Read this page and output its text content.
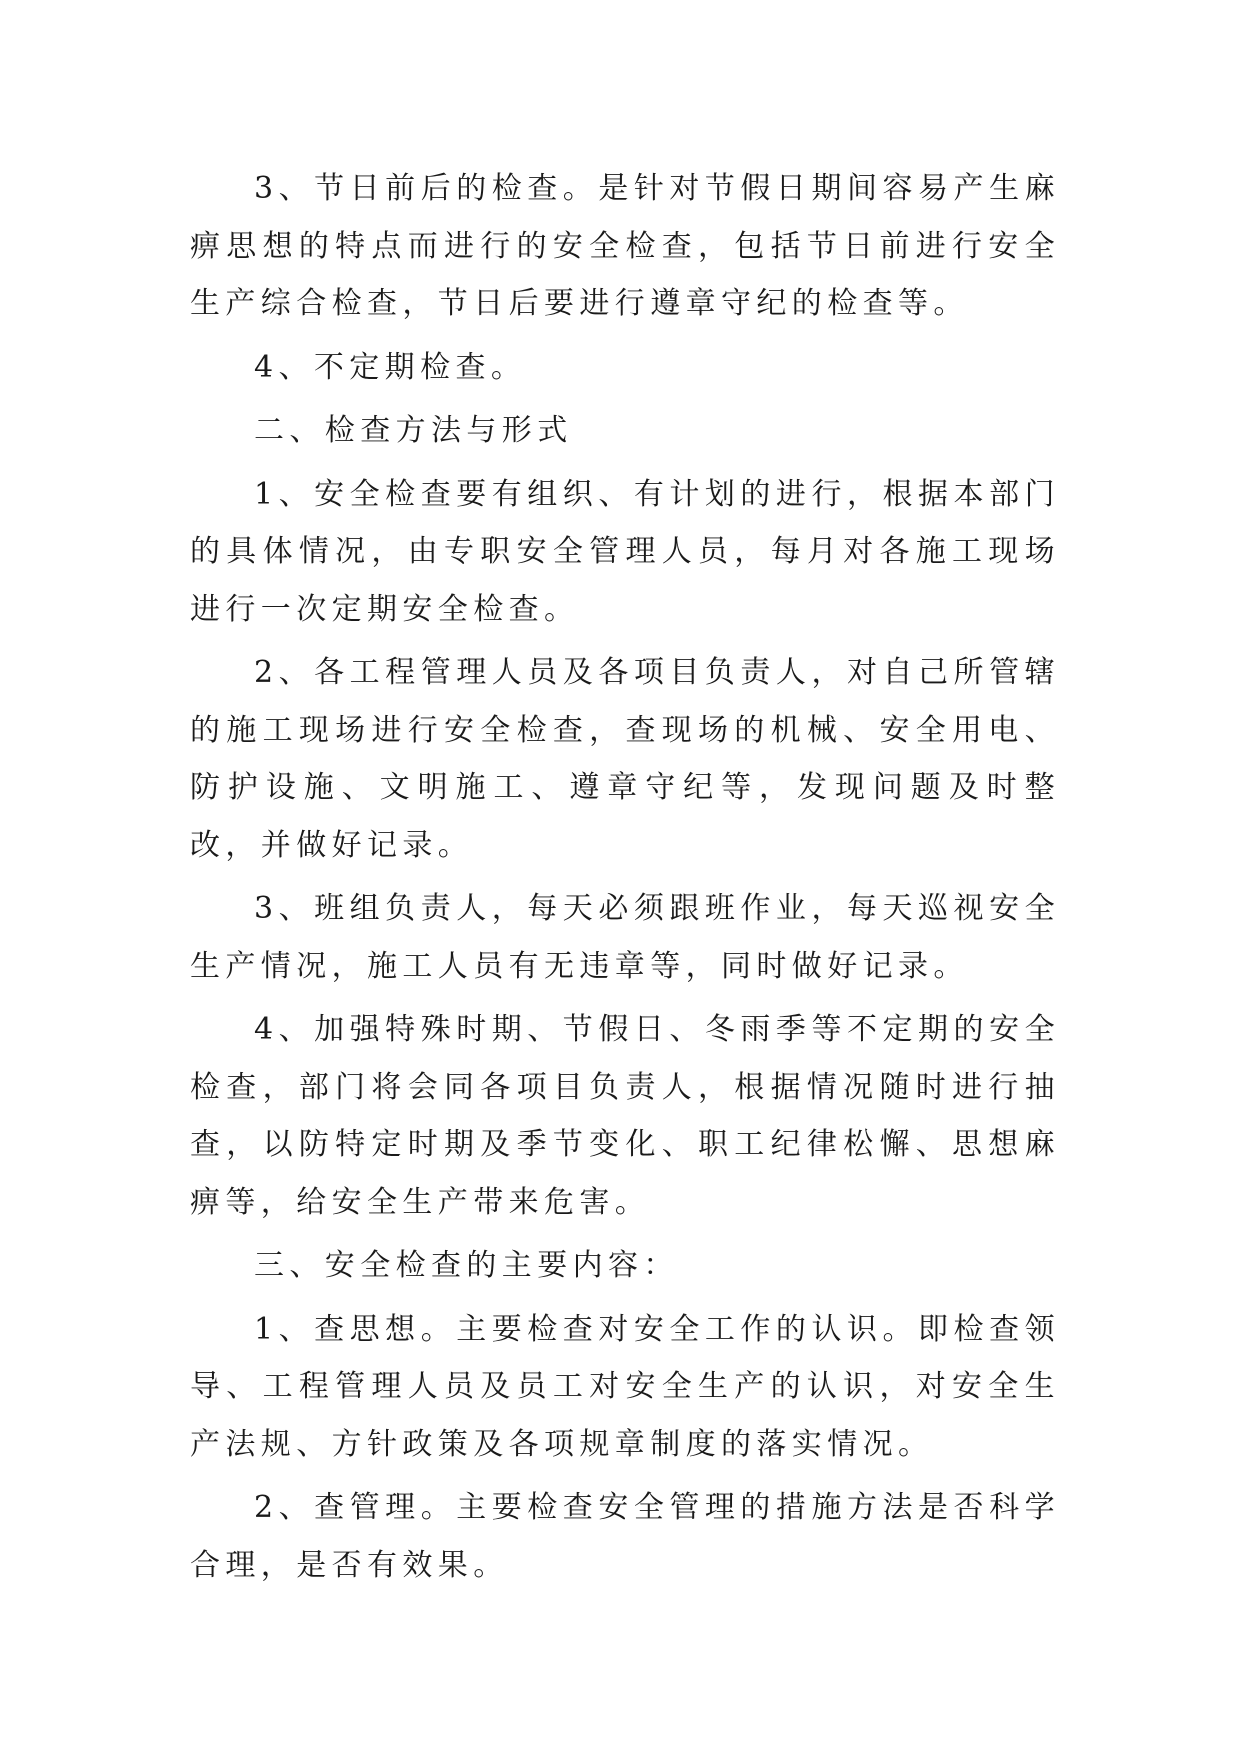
3、节日前后的检查。是针对节假日期间容易产生麻痹思想的特点而进行的安全检查，包括节日前进行安全生产综合检查，节日后要进行遵章守纪的检查等。

4、不定期检查。

二、检查方法与形式

1、安全检查要有组织、有计划的进行，根据本部门的具体情况，由专职安全管理人员，每月对各施工现场进行一次定期安全检查。

2、各工程管理人员及各项目负责人，对自己所管辖的施工现场进行安全检查，查现场的机械、安全用电、防护设施、文明施工、遵章守纪等，发现问题及时整改，并做好记录。

3、班组负责人，每天必须跟班作业，每天巡视安全生产情况，施工人员有无违章等，同时做好记录。

4、加强特殊时期、节假日、冬雨季等不定期的安全检查，部门将会同各项目负责人，根据情况随时进行抽查，以防特定时期及季节变化、职工纪律松懈、思想麻痹等，给安全生产带来危害。

三、安全检查的主要内容：

1、查思想。主要检查对安全工作的认识。即检查领导、工程管理人员及员工对安全生产的认识，对安全生产法规、方针政策及各项规章制度的落实情况。

2、查管理。主要检查安全管理的措施方法是否科学合理，是否有效果。
